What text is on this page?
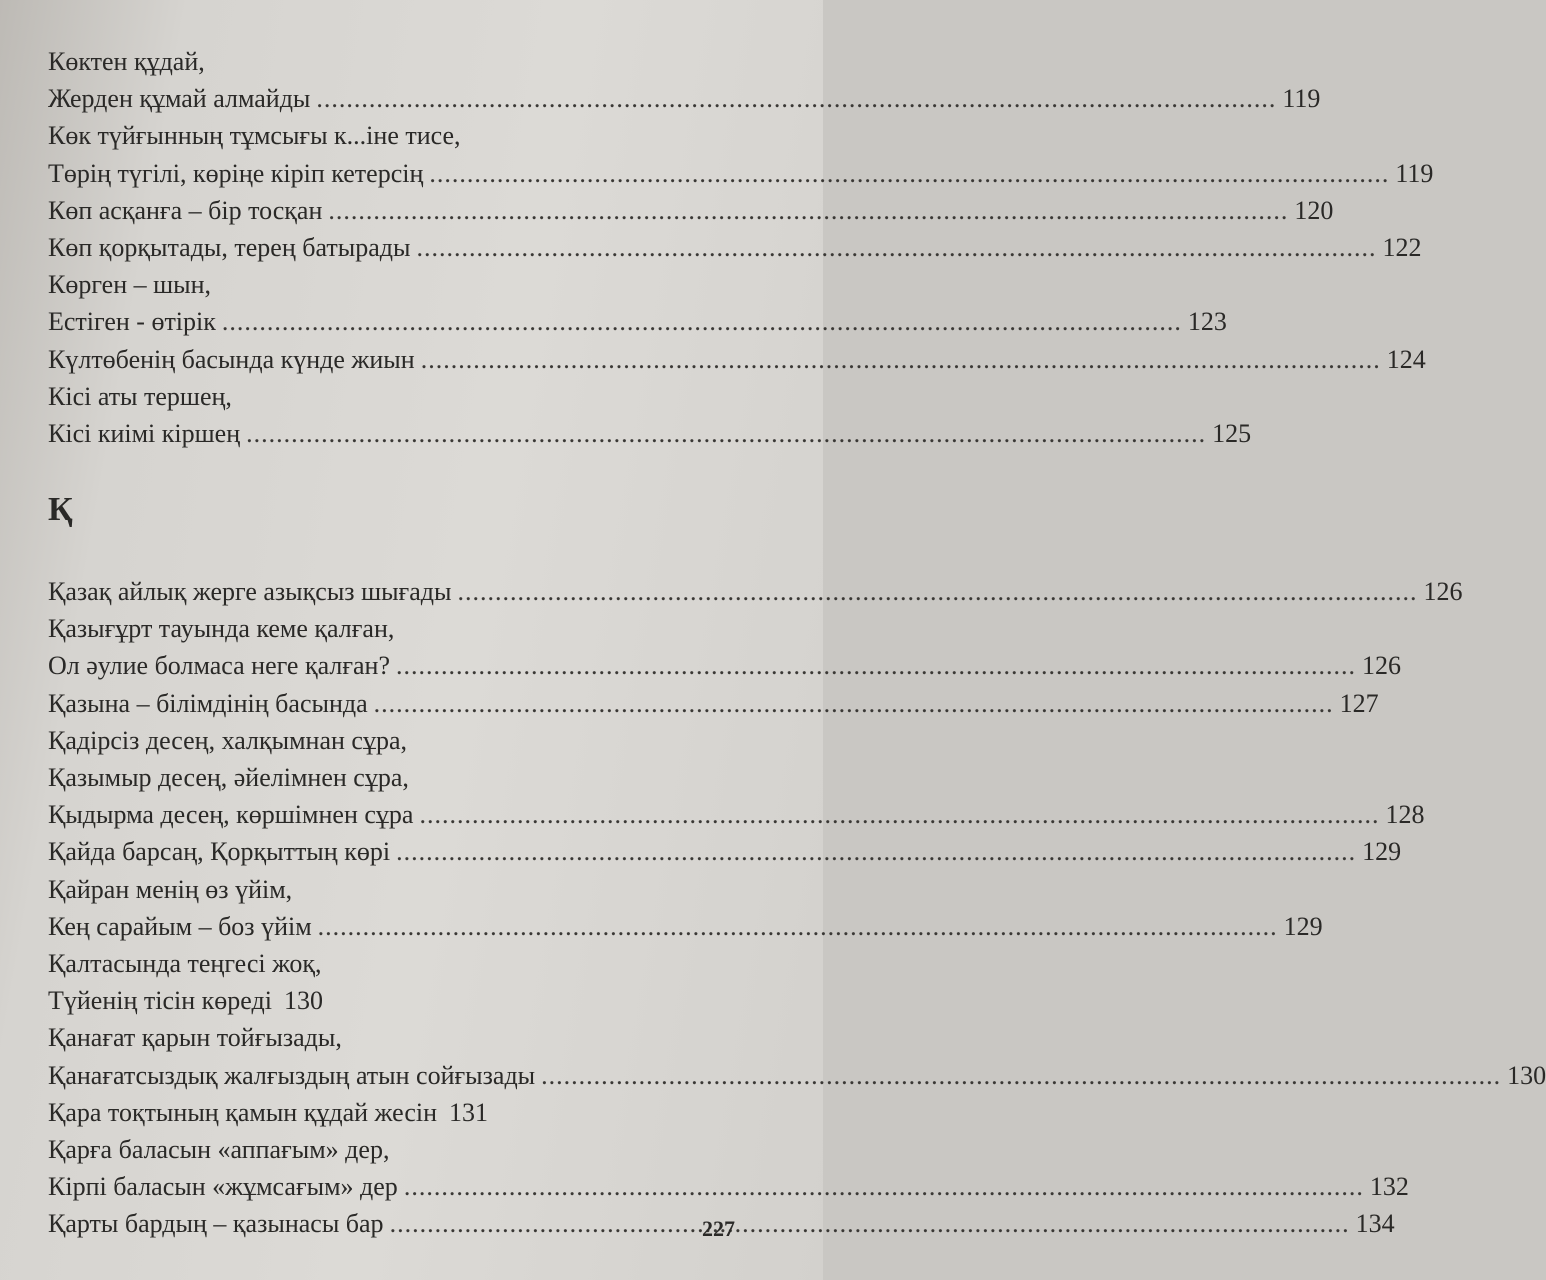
Көктен құдай,
Жерден құмай алмайды .....	119
Көк түйғынның тұмсығы к...іне тисе,
Төрің түгілі, көріңе кіріп кетерсің .....	119
Көп асқанға – бір тосқан .....	120
Көп қорқытады, терең батырады .....	122
Көрген – шын,
Естіген - өтірік .....	123
Күлтөбенің басында күнде жиын .....	124
Кісі аты тершең,
Кісі киімі кіршең .....	125
Қ
Қазақ айлық жерге азықсыз шығады .....	126
Қазығұрт тауында кеме қалған,
Ол әулие болмаса неге қалған? .....	126
Қазына – білімдінің басында .....	127
Қадірсіз десең, халқымнан сұра,
Қазымыр десең, әйелімнен сұра,
Қыдырма десең, көршімнен сұра .....	128
Қайда барсаң, Қорқыттың көрі .....	129
Қайран менің өз үйім,
Кең сарайым – боз үйім .....	129
Қалтасында теңгесі жоқ,
Түйенің тісін көреді 130
Қанағат қарын тойғызады,
Қанағатсыздық жалғыздың атын сойғызады .....	130
Қара тоқтының қамын құдай жесін 131
Қарға баласын «аппағым» дер,
Кірпі баласын «жұмсағым» дер .....	132
Қарты бардың – қазынасы бар .....	134
227
